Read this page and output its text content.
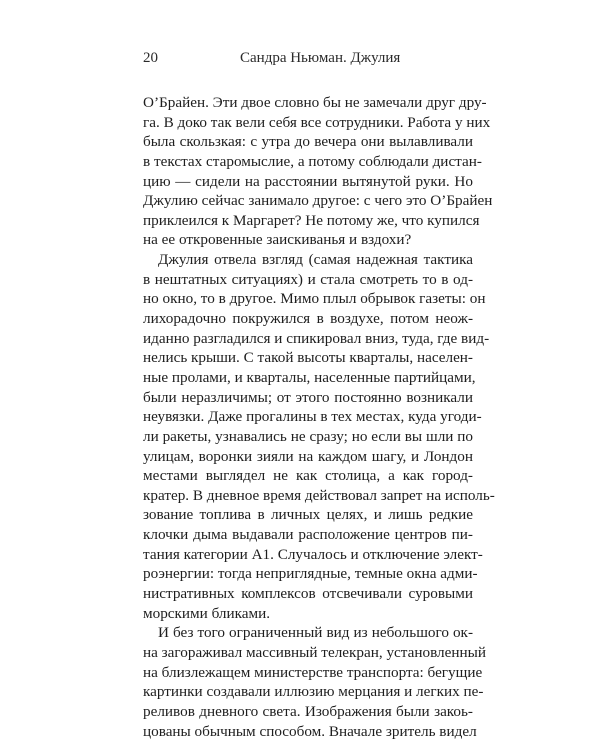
20	Сандра Ньюман. Джулия
О’Брайен. Эти двое словно бы не замечали друг дру-
га. В доко так вели себя все сотрудники. Работа у них
была скользкая: с утра до вечера они вылавливали
в текстах старомыслие, а потому соблюдали дистан-
цию — сидели на расстоянии вытянутой руки. Но
Джулию сейчас занимало другое: с чего это О’Брайен
приклеился к Маргарет? Не потому же, что купился
на ее откровенные заискиванья и вздохи?
Джулия отвела взгляд (самая надежная тактика
в нештатных ситуациях) и стала смотреть то в од-
но окно, то в другое. Мимо плыл обрывок газеты: он
лихорадочно покружился в воздухе, потом неож-
иданно разгладился и спикировал вниз, туда, где вид-
нелись крыши. С такой высоты кварталы, населен-
ные пролами, и кварталы, населенные партийцами,
были неразличимы; от этого постоянно возникали
неувязки. Даже прогалины в тех местах, куда угоди-
ли ракеты, узнавались не сразу; но если вы шли по
улицам, воронки зияли на каждом шагу, и Лондон
местами выглядел не как столица, а как город-
кратер. В дневное время действовал запрет на исполь-
зование топлива в личных целях, и лишь редкие
клочки дыма выдавали расположение центров пи-
тания категории А1. Случалось и отключение элект-
роэнергии: тогда неприглядные, темные окна адми-
нистративных комплексов отсвечивали суровыми
морскими бликами.
И без того ограниченный вид из небольшого ок-
на загораживал массивный телекран, установленный
на близлежащем министерстве транспорта: бегущие
картинки создавали иллюзию мерцания и легких пе-
реливов дневного света. Изображения были закоь-
цованы обычным способом. Вначале зритель видел
